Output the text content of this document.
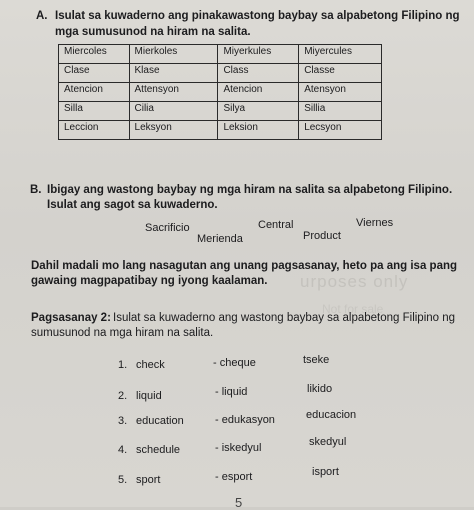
A. Isulat sa kuwaderno ang pinakawastong baybay sa alpabetong Filipino ng
mga sumusunod na hiram na salita.
Miercoles	Mierkoles	Miyerkules	Miyercules
Clase	Klase	Class	Classe
Atencion	Attensyon	Atencion	Atensyon
Silla	Cilia	Silya	Sillia
Leccion	Leksyon	Leksion	Lecsyon
B. Ibigay ang wastong baybay ng mga hiram na salita sa alpabetong Filipino.
Isulat ang sagot sa kuwaderno.
Sacrificio
Merienda
Central
Product
Viernes
urposes only
Not for sale
Dahil madali mo lang nasagutan ang unang pagsasanay, heto pa ang isa pang
gawaing magpapatibay ng iyong kaalaman.
Pagsasanay 2: Isulat sa kuwaderno ang wastong baybay sa alpabetong Filipino ng
sumusunod na mga hiram na salita.
1. check	- cheque	tseke
2. liquid	- liquid	likido
3. education	- edukasyon	educacion
4. schedule	- iskedyul	skedyul
5. sport	- esport	isport
5
